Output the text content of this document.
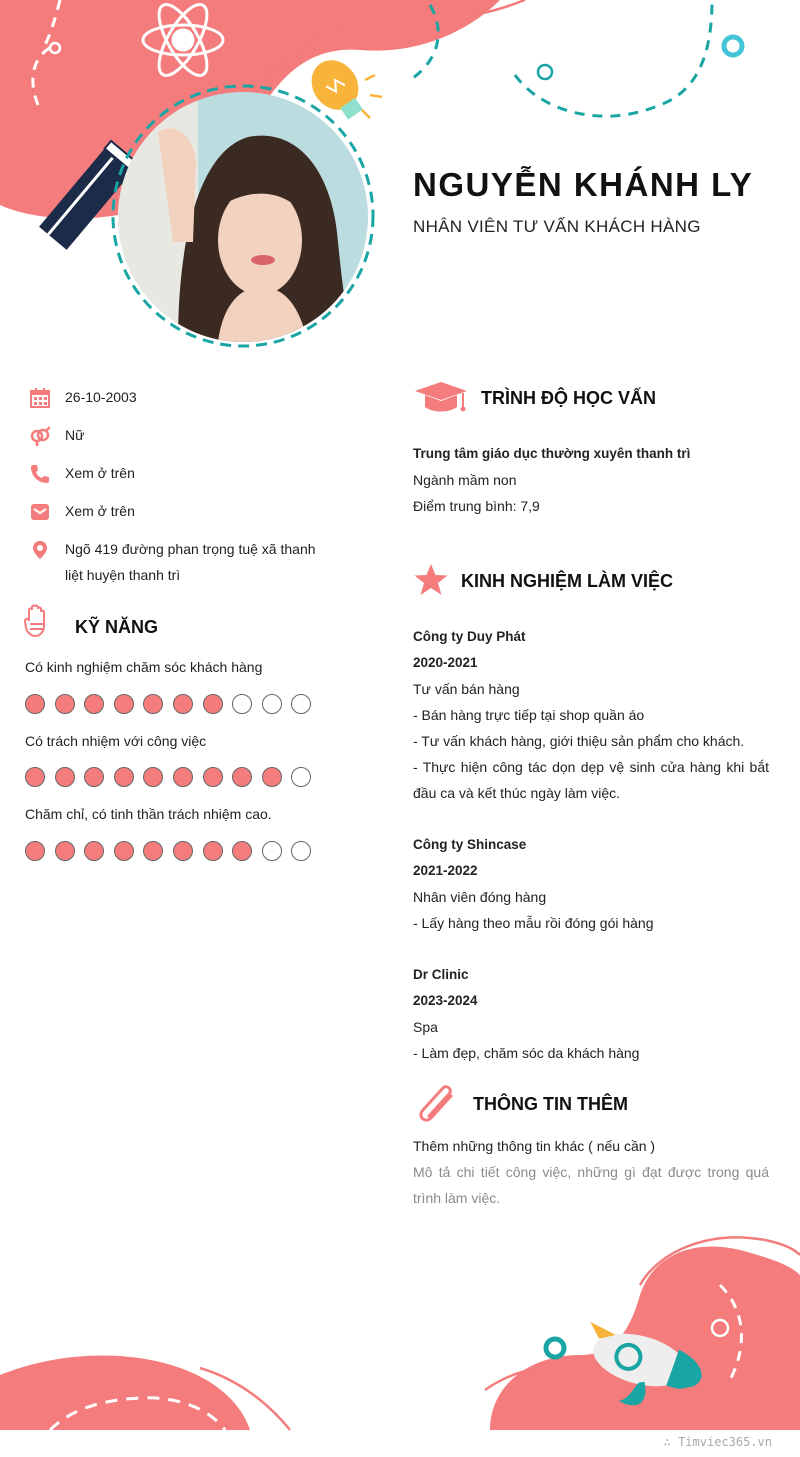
NGUYỄN KHÁNH LY
NHÂN VIÊN TƯ VẤN KHÁCH HÀNG
26-10-2003
Nữ
Xem ở trên
Xem ở trên
Ngõ 419 đường phan trọng tuệ xã thanh liệt huyện thanh trì
KỸ NĂNG
Có kinh nghiệm chăm sóc khách hàng
Có trách nhiệm với công việc
Chăm chỉ, có tinh thần trách nhiệm cao.
TRÌNH ĐỘ HỌC VẤN
Trung tâm giáo dục thường xuyên thanh trì
Ngành mầm non
Điểm trung bình: 7,9
KINH NGHIỆM LÀM VIỆC
Công ty Duy Phát
2020-2021
Tư vấn bán hàng
- Bán hàng trực tiếp tại shop quần áo
- Tư vấn khách hàng, giới thiệu sản phẩm cho khách.
- Thực hiện công tác dọn dẹp vệ sinh cửa hàng khi bắt đầu ca và kết thúc ngày làm việc.
Công ty Shincase
2021-2022
Nhân viên đóng hàng
- Lấy hàng theo mẫu rồi đóng gói hàng
Dr Clinic
2023-2024
Spa
- Làm đẹp, chăm sóc da khách hàng
THÔNG TIN THÊM
Thêm những thông tin khác ( nếu cần )
Mô tả chi tiết công việc, những gì đạt được trong quá trình làm việc.
∴ Timviec365.vn
